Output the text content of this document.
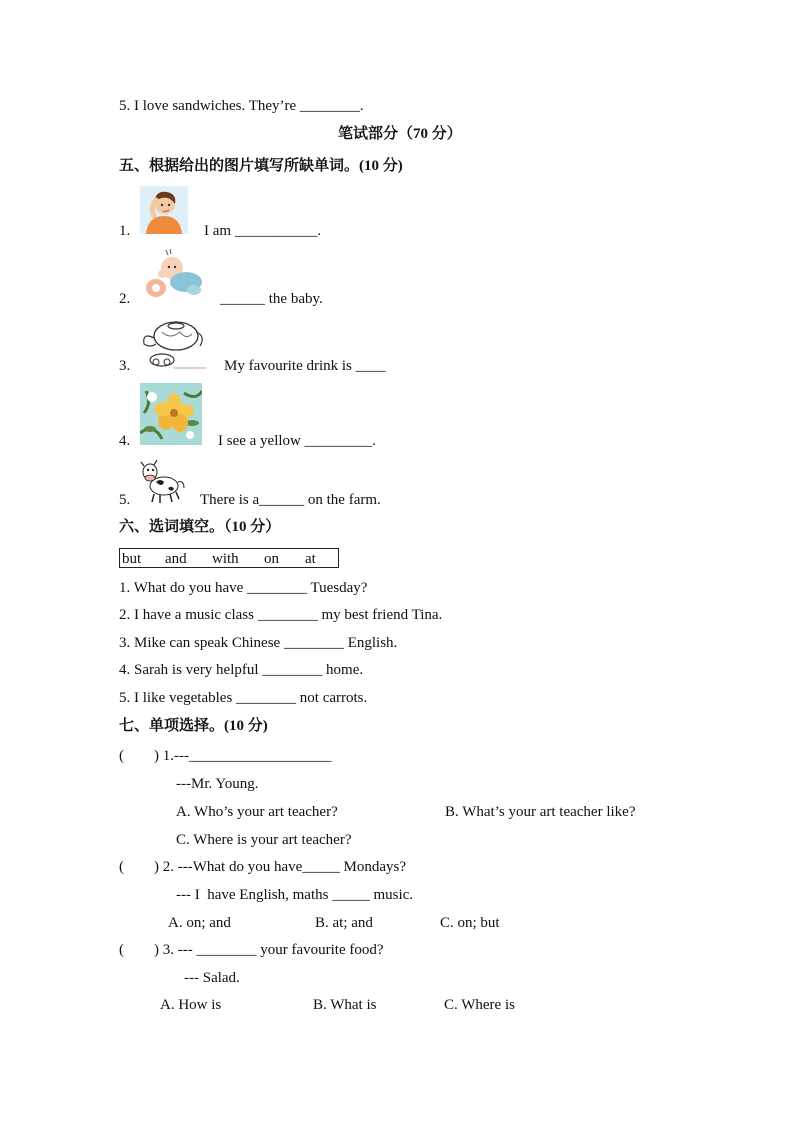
5. I love sandwiches. They’re ________.
笔试部分（70 分）
五、根据给出的图片填写所缺单词。(10 分)
1.	I am ___________.
2.	______ the baby.
3.	My favourite drink is ____
4.	I see a yellow _________.
5.	There is a______ on the farm.
六、选词填空。（10 分）
but and with on at
1. What do you have ________ Tuesday?
2. I have a music class ________ my best friend Tina.
3. Mike can speak Chinese ________ English.
4. Sarah is very helpful ________ home.
5. I like vegetables ________ not carrots.
七、单项选择。(10 分)
(        ) 1.---___________________
---Mr. Young.
A. Who’s your art teacher?	B. What’s your art teacher like?
C. Where is your art teacher?
(        ) 2. ---What do you have_____ Mondays?
--- I  have English, maths _____ music.
A. on; and	B. at; and	C. on; but
(        ) 3. --- ________ your favourite food?
--- Salad.
A. How is	B. What is	C. Where is
